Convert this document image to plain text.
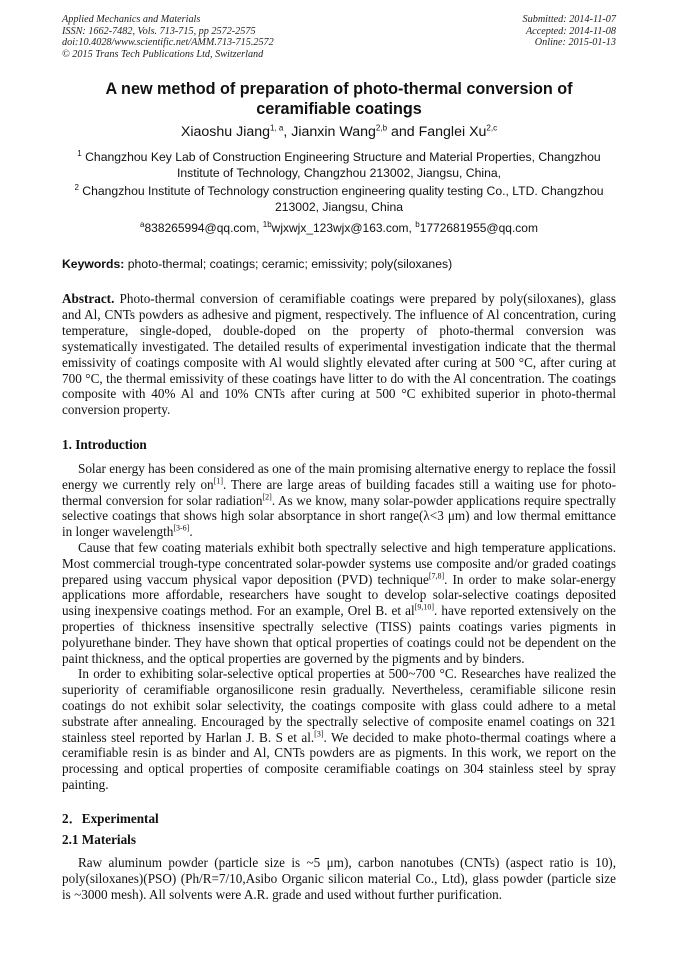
Applied Mechanics and Materials
ISSN: 1662-7482, Vols. 713-715, pp 2572-2575
doi:10.4028/www.scientific.net/AMM.713-715.2572
© 2015 Trans Tech Publications Ltd, Switzerland
Submitted: 2014-11-07
Accepted: 2014-11-08
Online: 2015-01-13
A new method of preparation of photo-thermal conversion of ceramifiable coatings
Xiaoshu Jiang$^{1, a}$, Jianxin Wang$^{2,b}$ and Fanglei Xu$^{2,c}$
$^1$ Changzhou Key Lab of Construction Engineering Structure and Material Properties, Changzhou Institute of Technology, Changzhou 213002, Jiangsu, China,
$^2$ Changzhou Institute of Technology construction engineering quality testing Co., LTD. Changzhou 213002, Jiangsu, China
$^a$838265994@qq.com, $^{1b}$wjxwjx_123wjx@163.com, $^b$1772681955@qq.com
Keywords: photo-thermal; coatings; ceramic; emissivity; poly(siloxanes)
Abstract. Photo-thermal conversion of ceramifiable coatings were prepared by poly(siloxanes), glass and Al, CNTs powders as adhesive and pigment, respectively. The influence of Al concentration, curing temperature, single-doped, double-doped on the property of photo-thermal conversion was systematically investigated. The detailed results of experimental investigation indicate that the thermal emissivity of coatings composite with Al would slightly elevated after curing at 500 °C, after curing at 700 °C, the thermal emissivity of these coatings have litter to do with the Al concentration. The coatings composite with 40% Al and 10% CNTs after curing at 500 °C exhibited superior in photo-thermal conversion property.
1. Introduction

Solar energy has been considered as one of the main promising alternative energy to replace the fossil energy we currently rely on[1]. There are large areas of building facades still a waiting use for photo-thermal conversion for solar radiation[2]. As we know, many solar-powder applications require spectrally selective coatings that shows high solar absorptance in short range(λ<3 μm) and low thermal emittance in longer wavelength[3-6].

Cause that few coating materials exhibit both spectrally selective and high temperature applications. Most commercial trough-type concentrated solar-powder systems use composite and/or graded coatings prepared using vaccum physical vapor deposition (PVD) technique[7,8]. In order to make solar-energy applications more affordable, researchers have sought to develop solar-selective coatings deposited using inexpensive coatings method. For an example, Orel B. et al[9,10]. have reported extensively on the properties of thickness insensitive spectrally selective (TISS) paints coatings varies pigments in polyurethane binder. They have shown that optical properties of coatings could not be dependent on the paint thickness, and the optical properties are governed by the pigments and by binders.

In order to exhibiting solar-selective optical properties at 500~700 °C. Researches have realized the superiority of ceramifiable organosilicone resin gradually. Nevertheless, ceramifiable silicone resin coatings do not exhibit solar selectivity, the coatings composite with glass could adhere to a metal substrate after annealing. Encouraged by the spectrally selective of composite enamel coatings on 321 stainless steel reported by Harlan J. B. S et al.[3]. We decided to make photo-thermal coatings where a ceramifiable resin is as binder and Al, CNTs powders are as pigments. In this work, we report on the processing and optical properties of composite ceramifiable coatings on 304 stainless steel by spray painting.

2．Experimental
2.1 Materials

Raw aluminum powder (particle size is ~5 μm), carbon nanotubes (CNTs) (aspect ratio is 10), poly(siloxanes)(PSO) (Ph/R=7/10,Asibo Organic silicon material Co., Ltd), glass powder (particle size is ~3000 mesh). All solvents were A.R. grade and used without further purification.
